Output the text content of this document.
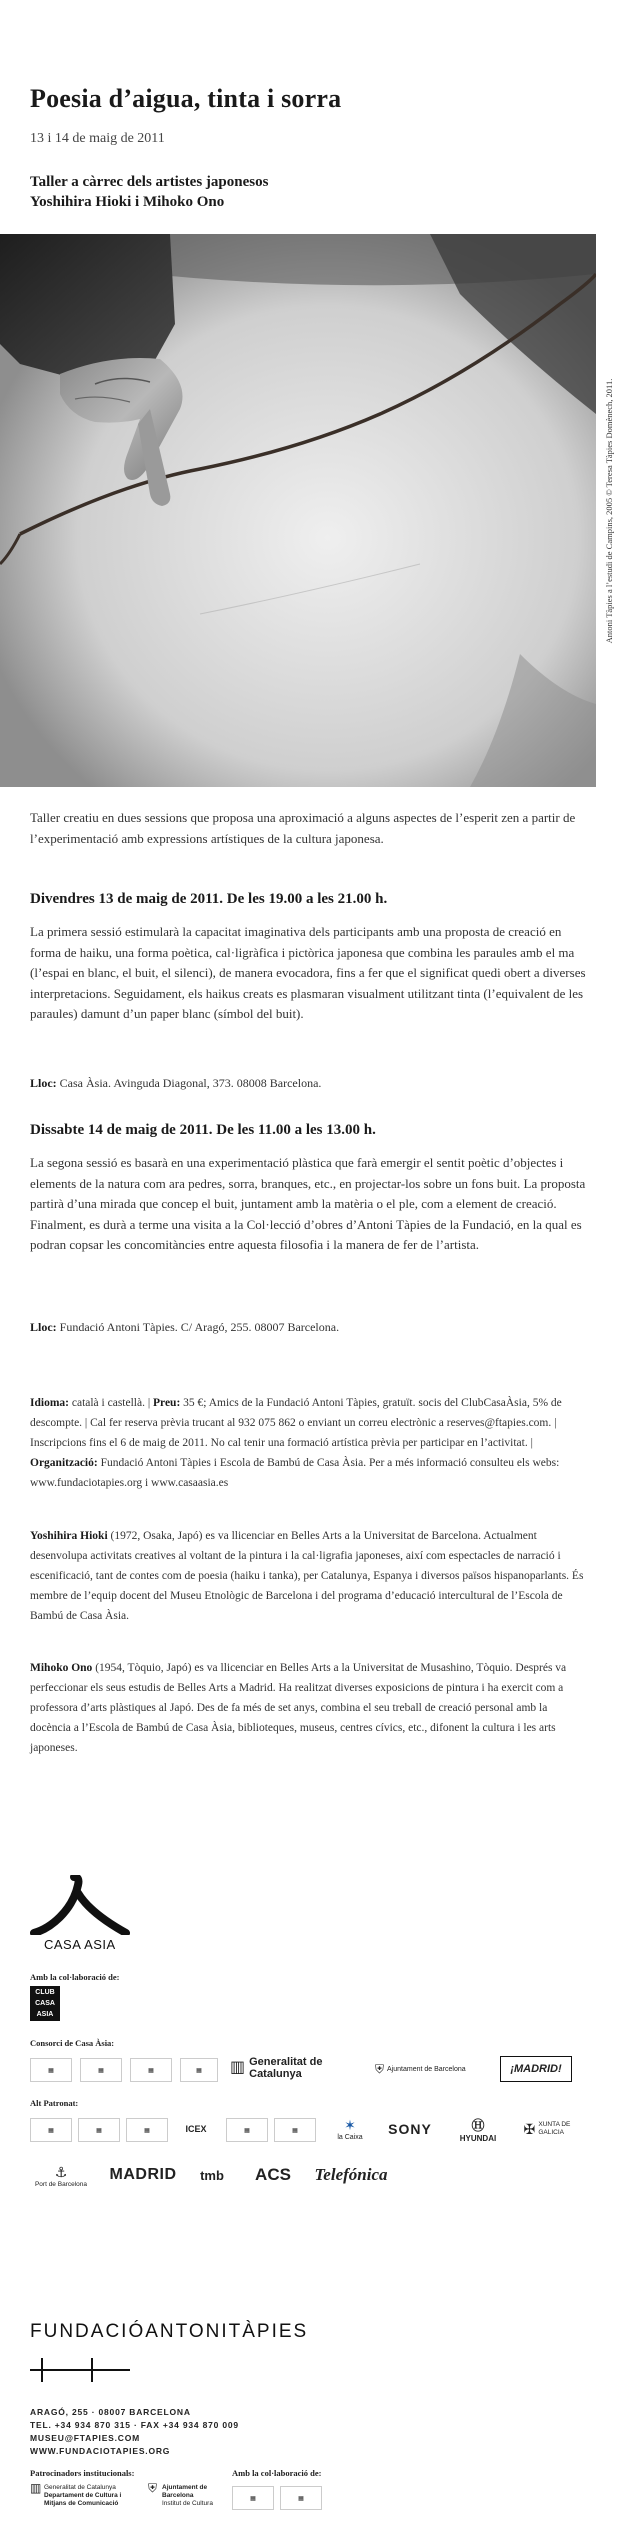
Poesia d’aigua, tinta i sorra
13 i 14 de maig de 2011
Taller a càrrec dels artistes japonesos
Yoshihira Hioki i Mihoko Ono
Antoni Tàpies a l’estudi de Campins, 2005 © Teresa Tàpies Domènech, 2011.

Taller creatiu en dues sessions que proposa una aproximació a alguns aspectes de l’esperit zen a partir de l’experimentació amb expressions artístiques de la cultura japonesa.

Divendres 13 de maig de 2011. De les 19.00 a les 21.00 h.

La primera sessió estimularà la capacitat imaginativa dels participants amb una proposta de creació en forma de haiku, una forma poètica, cal·ligràfica i pictòrica japonesa que combina les paraules amb el ma (l’espai en blanc, el buit, el silenci), de manera evocadora, fins a fer que el significat quedi obert a diverses interpretacions. Seguidament, els haikus creats es plasmaran visualment utilitzant tinta (l’equivalent de les paraules) damunt d’un paper blanc (símbol del buit).

Lloc: Casa Àsia. Avinguda Diagonal, 373. 08008 Barcelona.

Dissabte 14 de maig de 2011. De les 11.00 a les 13.00 h.

La segona sessió es basarà en una experimentació plàstica que farà emergir el sentit poètic d’objectes i elements de la natura com ara pedres, sorra, branques, etc., en projectar-los sobre un fons buit. La proposta partirà d’una mirada que concep el buit, juntament amb la matèria o el ple, com a element de creació. Finalment, es durà a terme una visita a la Col·lecció d’obres d’Antoni Tàpies de la Fundació, en la qual es podran copsar les concomitàncies entre aquesta filosofia i la manera de fer de l’artista.

Lloc: Fundació Antoni Tàpies. C/ Aragó, 255. 08007 Barcelona.

Idioma: català i castellà. | Preu: 35 €; Amics de la Fundació Antoni Tàpies, gratuït. socis del ClubCasaÀsia, 5% de descompte. | Cal fer reserva prèvia trucant al 932 075 862 o enviant un correu electrònic a reserves@ftapies.com. | Inscripcions fins el 6 de maig de 2011. No cal tenir una formació artística prèvia per participar en l’activitat. | Organització: Fundació Antoni Tàpies i Escola de Bambú de Casa Àsia. Per a més informació consulteu els webs: www.fundaciotapies.org i www.casaasia.es

Yoshihira Hioki (1972, Osaka, Japó) es va llicenciar en Belles Arts a la Universitat de Barcelona. Actualment desenvolupa activitats creatives al voltant de la pintura i la cal·ligrafia japoneses, així com espectacles de narració i escenificació, tant de contes com de poesia (haiku i tanka), per Catalunya, Espanya i diversos països hispanoparlants. És membre de l’equip docent del Museu Etnològic de Barcelona i del programa d’educació intercultural de l’Escola de Bambú de Casa Àsia.

Mihoko Ono (1954, Tòquio, Japó) es va llicenciar en Belles Arts a la Universitat de Musashino, Tòquio. Després va perfeccionar els seus estudis de Belles Arts a Madrid. Ha realitzat diverses exposicions de pintura i ha exercit com a professora d’arts plàstiques al Japó. Des de fa més de set anys, combina el seu treball de creació personal amb la docència a l’Escola de Bambú de Casa Àsia, biblioteques, museus, centres cívics, etc., difonent la cultura i les arts japoneses.

CASA ASIA
Amb la col·laboració de:
CLUB
CASA
ASIA
Consorci de Casa Àsia:
▦	▦	▦	▦	▥ Generalitat de Catalunya	⛨ Ajuntament de Barcelona	¡MADRID!
Alt Patronat:
▦	▦	▦	ICEX	▦	▦	✶
la Caixa
SONY	Ⓗ
HYUNDAI
✠ XUNTA DE GALICIA
⚓
Port de Barcelona
MADRID tmb ACS Telefónica
FUNDACIÓANTONITÀPIES
ARAGÓ, 255 · 08007 BARCELONA
TEL. +34 934 870 315 · FAX +34 934 870 009
MUSEU@FTAPIES.COM
WWW.FUNDACIOTAPIES.ORG
Patrocinadors institucionals:	Amb la col·laboració de:
▥ Generalitat de Catalunya
Departament de Cultura i Mitjans de Comunicació
⛨ Ajuntament de Barcelona
Institut de Cultura
▦	▦
